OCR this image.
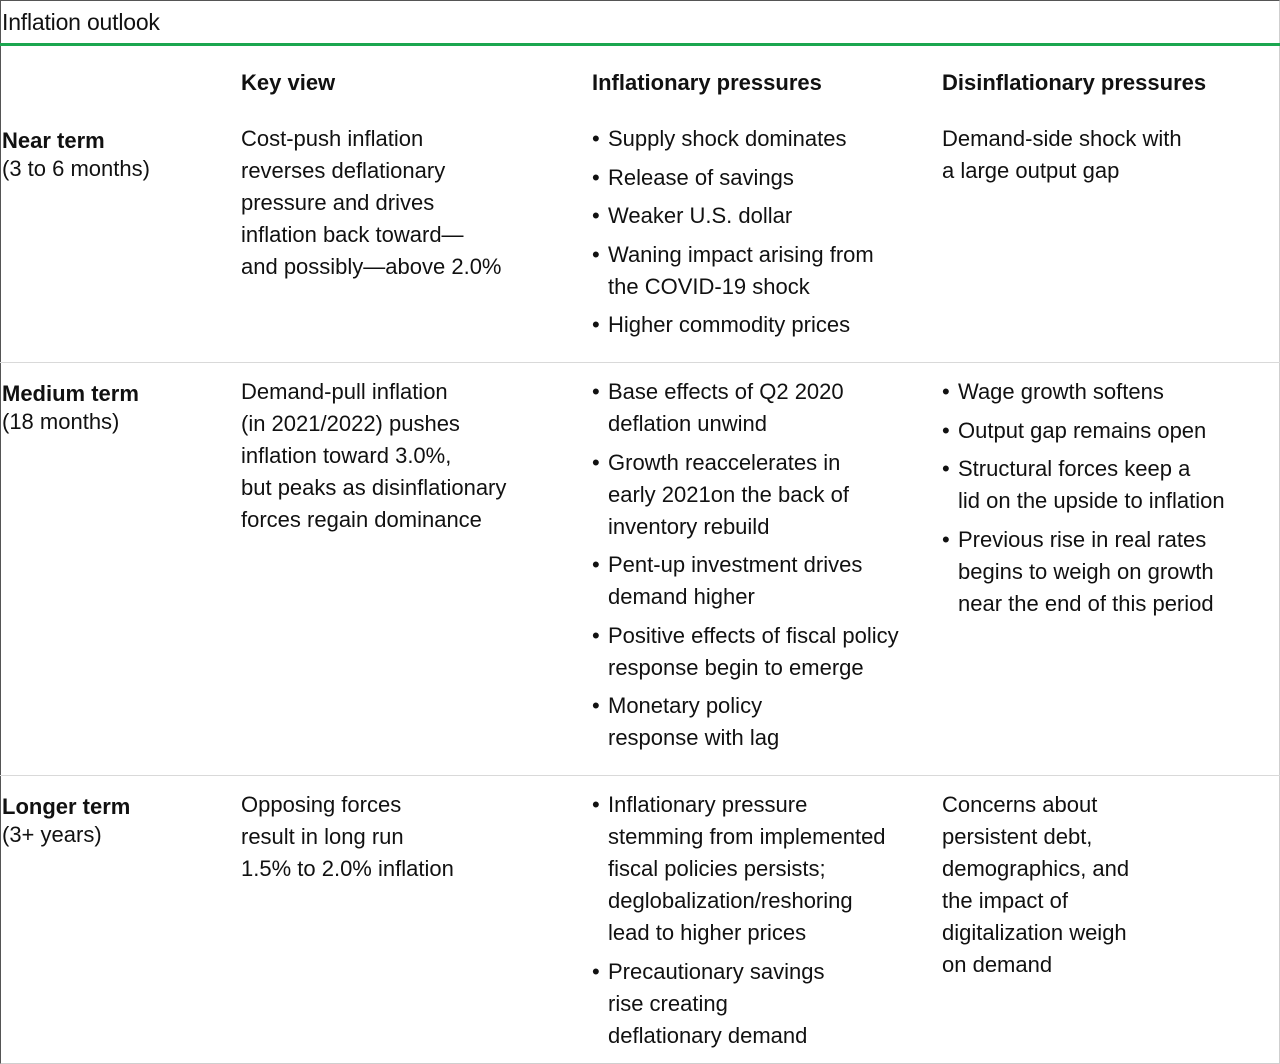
Inflation outlook
Key view	Inflationary pressures	Disinflationary pressures
Near term
(3 to 6 months)

Cost-push inflation
reverses deflationary
pressure and drives
inflation back toward—
and possibly—above 2.0%

• Supply shock dominates
• Release of savings
• Weaker U.S. dollar
• Waning impact arising from
the COVID-19 shock
• Higher commodity prices

Demand-side shock with
a large output gap

Medium term
(18 months)

Demand-pull inflation
(in 2021/2022) pushes
inflation toward 3.0%,
but peaks as disinflationary
forces regain dominance

• Base effects of Q2 2020
deflation unwind
• Growth reaccelerates in
early 2021on the back of
inventory rebuild
• Pent-up investment drives
demand higher
• Positive effects of fiscal policy
response begin to emerge
• Monetary policy
response with lag
• Wage growth softens
• Output gap remains open
• Structural forces keep a
lid on the upside to inflation
• Previous rise in real rates
begins to weigh on growth
near the end of this period
Longer term
(3+ years)

Opposing forces
result in long run
1.5% to 2.0% inflation

• Inflationary pressure
stemming from implemented
fiscal policies persists;
deglobalization/reshoring
lead to higher prices
• Precautionary savings
rise creating
deflationary demand

Concerns about
persistent debt,
demographics, and
the impact of
digitalization weigh
on demand
